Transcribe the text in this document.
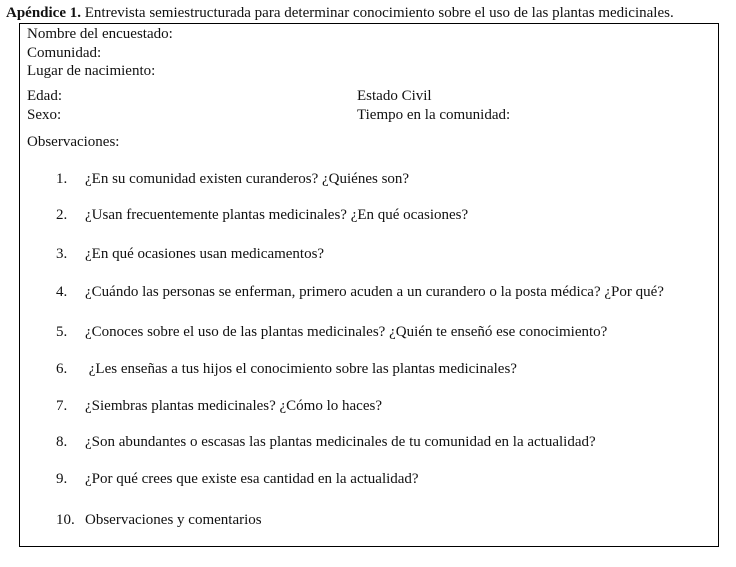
Apéndice 1. Entrevista semiestructurada para determinar conocimiento sobre el uso de las plantas medicinales.
Nombre del encuestado:
Comunidad:
Lugar de nacimiento:
Edad:	Estado Civil
Sexo:	Tiempo en la comunidad:
Observaciones:
1. ¿En su comunidad existen curanderos? ¿Quiénes son?
2. ¿Usan frecuentemente plantas medicinales? ¿En qué ocasiones?
3. ¿En qué ocasiones usan medicamentos?
4. ¿Cuándo las personas se enferman, primero acuden a un curandero o la posta médica? ¿Por qué?
5. ¿Conoces sobre el uso de las plantas medicinales? ¿Quién te enseñó ese conocimiento?
6. ¿Les enseñas a tus hijos el conocimiento sobre las plantas medicinales?
7. ¿Siembras plantas medicinales? ¿Cómo lo haces?
8. ¿Son abundantes o escasas las plantas medicinales de tu comunidad en la actualidad?
9. ¿Por qué crees que existe esa cantidad en la actualidad?
10. Observaciones y comentarios
